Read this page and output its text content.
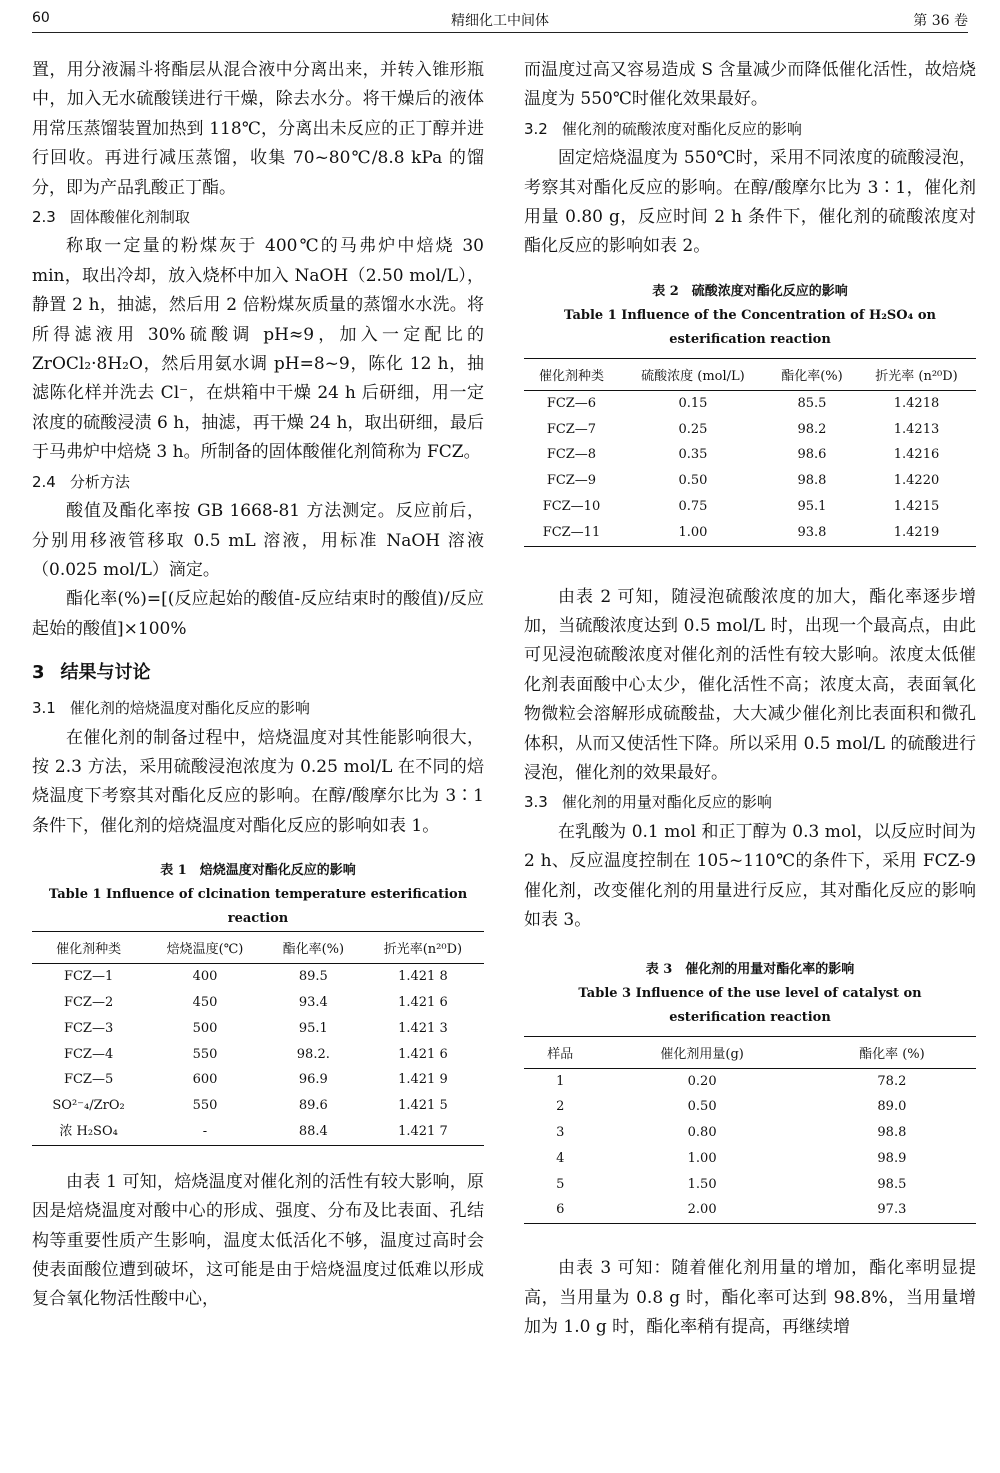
60	精细化工中间体	第 36 卷

置，用分液漏斗将酯层从混合液中分离出来，并转入锥形瓶中，加入无水硫酸镁进行干燥，除去水分。将干燥后的液体用常压蒸馏装置加热到 118℃，分离出未反应的正丁醇并进行回收。再进行减压蒸馏，收集 70~80℃/8.8 kPa 的馏分，即为产品乳酸正丁酯。

2.3 固体酸催化剂制取

称取一定量的粉煤灰于 400℃的马弗炉中焙烧 30 min，取出冷却，放入烧杯中加入 NaOH（2.50 mol/L），静置 2 h，抽滤，然后用 2 倍粉煤灰质量的蒸馏水水洗。将所得滤液用 30%硫酸调 pH≈9，加入一定配比的 ZrOCl₂·8H₂O，然后用氨水调 pH=8~9，陈化 12 h，抽滤陈化样并洗去 Cl⁻，在烘箱中干燥 24 h 后研细，用一定浓度的硫酸浸渍 6 h，抽滤，再干燥 24 h，取出研细，最后于马弗炉中焙烧 3 h。所制备的固体酸催化剂简称为 FCZ。

2.4 分析方法

酸值及酯化率按 GB 1668-81 方法测定。反应前后，分别用移液管移取 0.5 mL 溶液，用标准 NaOH 溶液（0.025 mol/L）滴定。

酯化率(%)=[(反应起始的酸值-反应结束时的酸值)/反应起始的酸值]×100%

3 结果与讨论
3.1 催化剂的焙烧温度对酯化反应的影响

在催化剂的制备过程中，焙烧温度对其性能影响很大，按 2.3 方法，采用硫酸浸泡浓度为 0.25 mol/L 在不同的焙烧温度下考察其对酯化反应的影响。在醇/酸摩尔比为 3∶1 条件下，催化剂的焙烧温度对酯化反应的影响如表 1。

表 1　焙烧温度对酯化反应的影响
Table 1 Influence of clcination temperature esterification reaction
催化剂种类	焙烧温度(℃)	酯化率(%)	折光率(n²⁰D)
FCZ—1	400	89.5	1.421 8
FCZ—2	450	93.4	1.421 6
FCZ—3	500	95.1	1.421 3
FCZ—4	550	98.2.	1.421 6
FCZ—5	600	96.9	1.421 9
SO²⁻₄/ZrO₂	550	89.6	1.421 5
浓 H₂SO₄	-	88.4	1.421 7

由表 1 可知，焙烧温度对催化剂的活性有较大影响，原因是焙烧温度对酸中心的形成、强度、分布及比表面、孔结构等重要性质产生影响，温度太低活化不够，温度过高时会使表面酸位遭到破坏，这可能是由于焙烧温度过低难以形成复合氧化物活性酸中心，

而温度过高又容易造成 S 含量减少而降低催化活性，故焙烧温度为 550℃时催化效果最好。

3.2 催化剂的硫酸浓度对酯化反应的影响

固定焙烧温度为 550℃时，采用不同浓度的硫酸浸泡，考察其对酯化反应的影响。在醇/酸摩尔比为 3∶1，催化剂用量 0.80 g，反应时间 2 h 条件下，催化剂的硫酸浓度对酯化反应的影响如表 2。

表 2　硫酸浓度对酯化反应的影响
Table 1 Influence of the Concentration of H₂SO₄ on esterification reaction
催化剂种类	硫酸浓度 (mol/L)	酯化率(%)	折光率 (n²⁰D)
FCZ—6	0.15	85.5	1.4218
FCZ—7	0.25	98.2	1.4213
FCZ—8	0.35	98.6	1.4216
FCZ—9	0.50	98.8	1.4220
FCZ—10	0.75	95.1	1.4215
FCZ—11	1.00	93.8	1.4219

由表 2 可知，随浸泡硫酸浓度的加大，酯化率逐步增加，当硫酸浓度达到 0.5 mol/L 时，出现一个最高点，由此可见浸泡硫酸浓度对催化剂的活性有较大影响。浓度太低催化剂表面酸中心太少，催化活性不高；浓度太高，表面氧化物微粒会溶解形成硫酸盐，大大减少催化剂比表面积和微孔体积，从而又使活性下降。所以采用 0.5 mol/L 的硫酸进行浸泡，催化剂的效果最好。

3.3 催化剂的用量对酯化反应的影响

在乳酸为 0.1 mol 和正丁醇为 0.3 mol，以反应时间为 2 h、反应温度控制在 105~110℃的条件下，采用 FCZ-9 催化剂，改变催化剂的用量进行反应，其对酯化反应的影响如表 3。

表 3　催化剂的用量对酯化率的影响
Table 3 Influence of the use level of catalyst on esterification reaction
样品	催化剂用量(g)	酯化率 (%)
1	0.20	78.2
2	0.50	89.0
3	0.80	98.8
4	1.00	98.9
5	1.50	98.5
6	2.00	97.3

由表 3 可知：随着催化剂用量的增加，酯化率明显提高，当用量为 0.8 g 时，酯化率可达到 98.8%，当用量增加为 1.0 g 时，酯化率稍有提高，再继续增
